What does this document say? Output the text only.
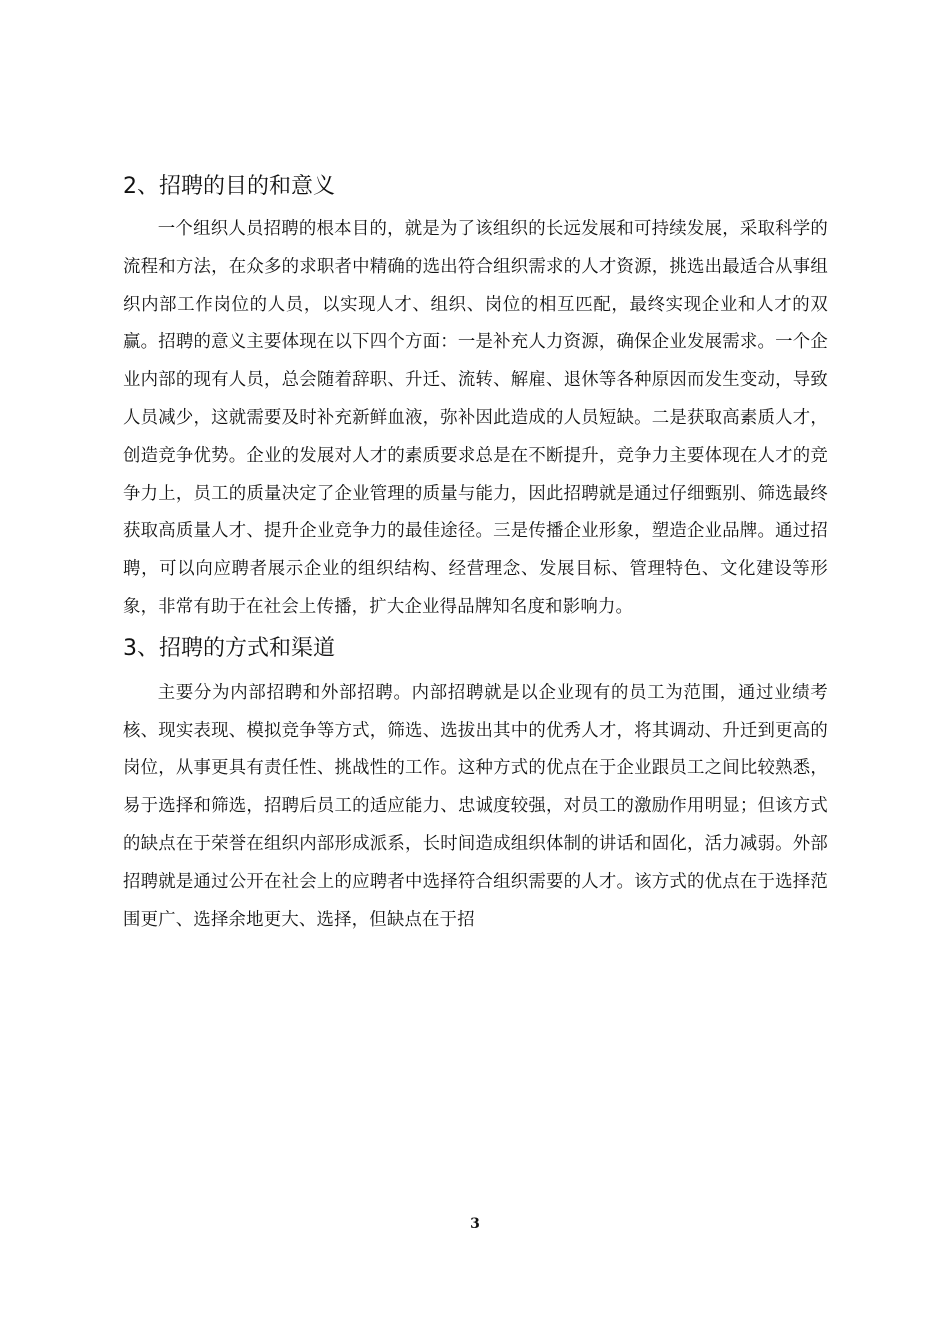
2、招聘的目的和意义

一个组织人员招聘的根本目的，就是为了该组织的长远发展和可持续发展，采取科学的流程和方法，在众多的求职者中精确的选出符合组织需求的人才资源，挑选出最适合从事组织内部工作岗位的人员，以实现人才、组织、岗位的相互匹配，最终实现企业和人才的双赢。招聘的意义主要体现在以下四个方面：一是补充人力资源，确保企业发展需求。一个企业内部的现有人员，总会随着辞职、升迁、流转、解雇、退休等各种原因而发生变动，导致人员减少，这就需要及时补充新鲜血液，弥补因此造成的人员短缺。二是获取高素质人才，创造竞争优势。企业的发展对人才的素质要求总是在不断提升，竞争力主要体现在人才的竞争力上，员工的质量决定了企业管理的质量与能力，因此招聘就是通过仔细甄别、筛选最终获取高质量人才、提升企业竞争力的最佳途径。三是传播企业形象，塑造企业品牌。通过招聘，可以向应聘者展示企业的组织结构、经营理念、发展目标、管理特色、文化建设等形象，非常有助于在社会上传播，扩大企业得品牌知名度和影响力。

3、招聘的方式和渠道

主要分为内部招聘和外部招聘。内部招聘就是以企业现有的员工为范围，通过业绩考核、现实表现、模拟竞争等方式，筛选、选拔出其中的优秀人才，将其调动、升迁到更高的岗位，从事更具有责任性、挑战性的工作。这种方式的优点在于企业跟员工之间比较熟悉，易于选择和筛选，招聘后员工的适应能力、忠诚度较强，对员工的激励作用明显；但该方式的缺点在于荣誉在组织内部形成派系，长时间造成组织体制的讲话和固化，活力减弱。外部招聘就是通过公开在社会上的应聘者中选择符合组织需要的人才。该方式的优点在于选择范围更广、选择余地更大、选择，但缺点在于招

3
